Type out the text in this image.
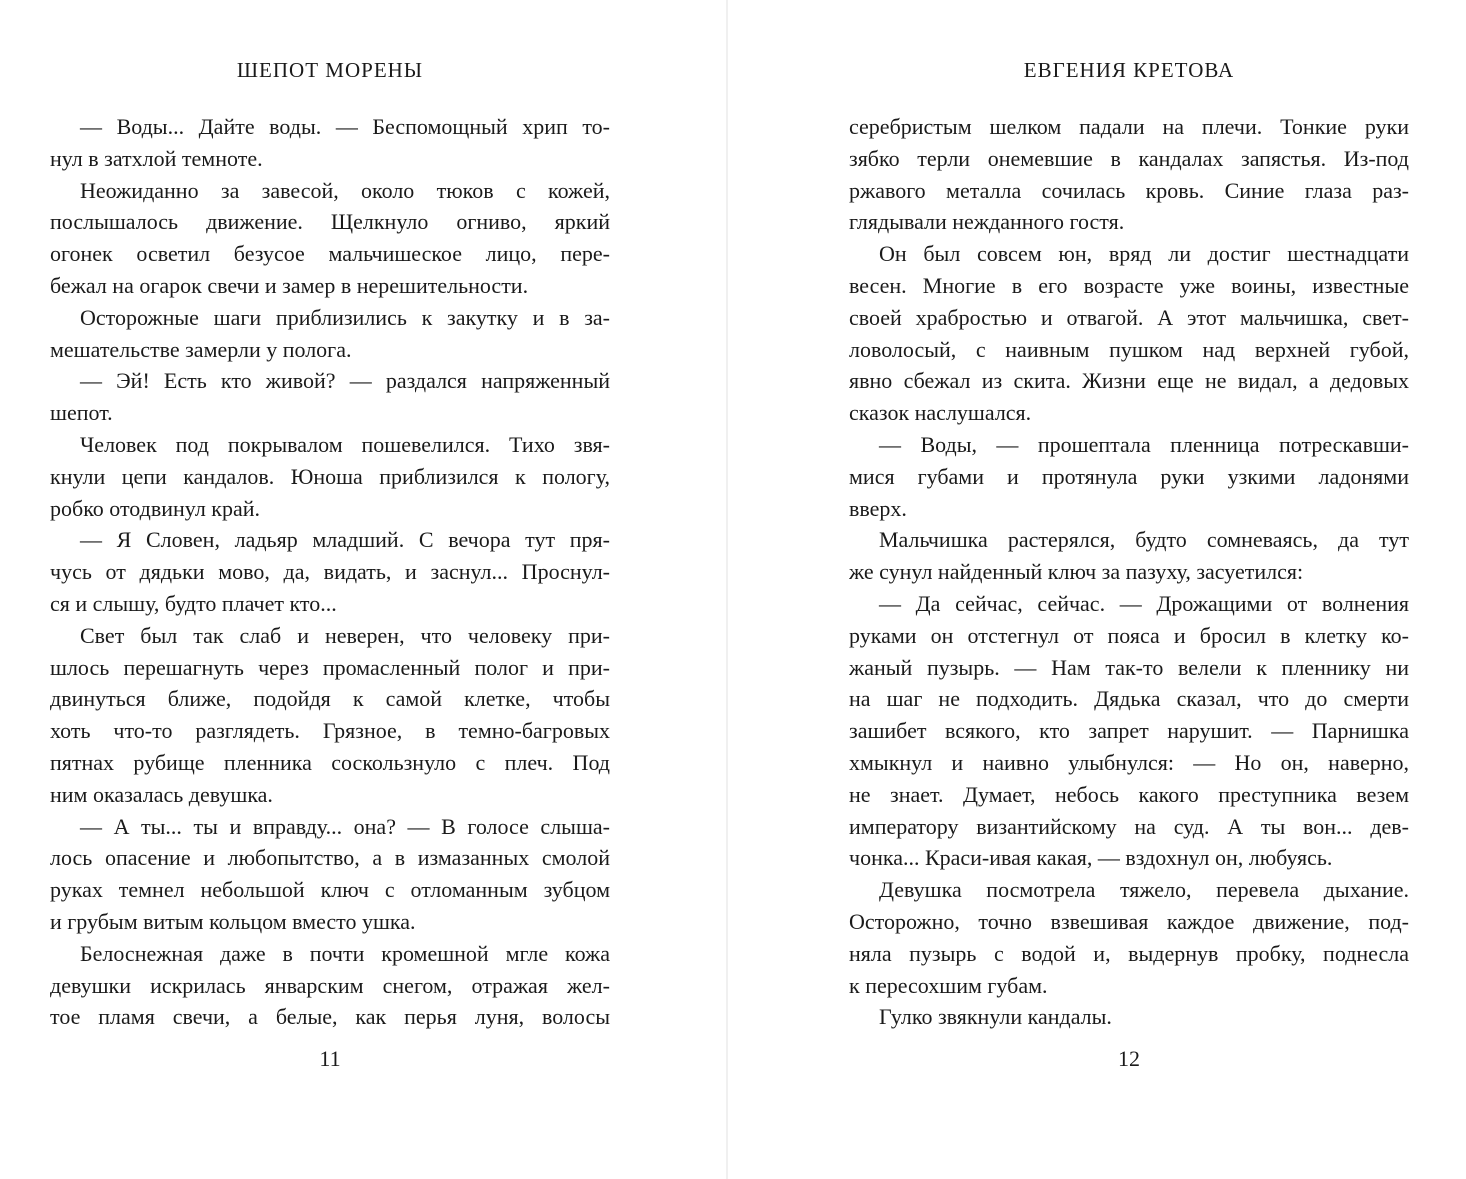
ШЕПОТ МОРЕНЫ
— Воды... Дайте воды. — Беспомощный хрип то-
нул в затхлой темноте.
Неожиданно за завесой, около тюков с кожей,
послышалось движение. Щелкнуло огниво, яркий
огонек осветил безусое мальчишеское лицо, пере-
бежал на огарок свечи и замер в нерешительности.
Осторожные шаги приблизились к закутку и в за-
мешательстве замерли у полога.
— Эй! Есть кто живой? — раздался напряженный
шепот.
Человек под покрывалом пошевелился. Тихо звя-
кнули цепи кандалов. Юноша приблизился к пологу,
робко отодвинул край.
— Я Словен, ладьяр младший. С вечора тут пря-
чусь от дядьки мово, да, видать, и заснул... Проснул-
ся и слышу, будто плачет кто...
Свет был так слаб и неверен, что человеку при-
шлось перешагнуть через промасленный полог и при-
двинуться ближе, подойдя к самой клетке, чтобы
хоть что-то разглядеть. Грязное, в темно-багровых
пятнах рубище пленника соскользнуло с плеч. Под
ним оказалась девушка.
— А ты... ты и вправду... она? — В голосе слыша-
лось опасение и любопытство, а в измазанных смолой
руках темнел небольшой ключ с отломанным зубцом
и грубым витым кольцом вместо ушка.
Белоснежная даже в почти кромешной мгле кожа
девушки искрилась январским снегом, отражая жел-
тое пламя свечи, а белые, как перья луня, волосы
11
ЕВГЕНИЯ КРЕТОВА
серебристым шелком падали на плечи. Тонкие руки
зябко терли онемевшие в кандалах запястья. Из-под
ржавого металла сочилась кровь. Синие глаза раз-
глядывали нежданного гостя.
Он был совсем юн, вряд ли достиг шестнадцати
весен. Многие в его возрасте уже воины, известные
своей храбростью и отвагой. А этот мальчишка, свет-
ловолосый, с наивным пушком над верхней губой,
явно сбежал из скита. Жизни еще не видал, а дедовых
сказок наслушался.
— Воды, — прошептала пленница потрескавши-
мися губами и протянула руки узкими ладонями
вверх.
Мальчишка растерялся, будто сомневаясь, да тут
же сунул найденный ключ за пазуху, засуетился:
— Да сейчас, сейчас. — Дрожащими от волнения
руками он отстегнул от пояса и бросил в клетку ко-
жаный пузырь. — Нам так-то велели к пленнику ни
на шаг не подходить. Дядька сказал, что до смерти
зашибет всякого, кто запрет нарушит. — Парнишка
хмыкнул и наивно улыбнулся: — Но он, наверно,
не знает. Думает, небось какого преступника везем
императору византийскому на суд. А ты вон... дев-
чонка... Краси-ивая какая, — вздохнул он, любуясь.
Девушка посмотрела тяжело, перевела дыхание.
Осторожно, точно взвешивая каждое движение, под-
няла пузырь с водой и, выдернув пробку, поднесла
к пересохшим губам.
Гулко звякнули кандалы.
12
